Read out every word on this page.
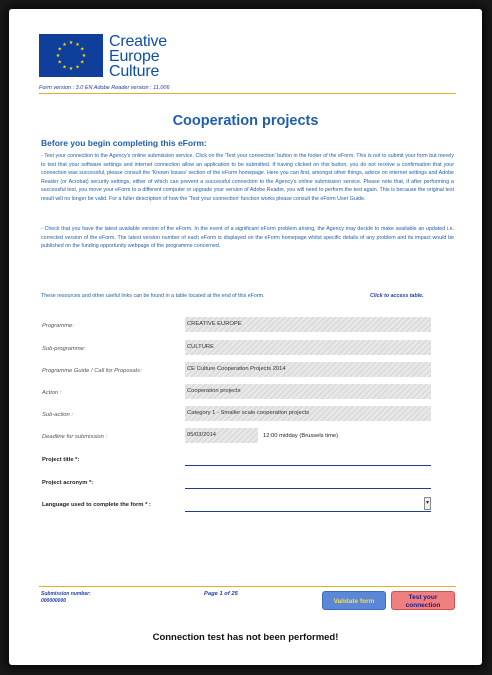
★ ★
★
★
★
★
★
★
★
★
★
★	Creative
Europe
Culture
Form version : 3.0 EN Adobe Reader version : 11.006
Cooperation projects
Before you begin completing this eForm:
- Test your connection to the Agency's online submission service. Click on the 'Test your connection' button in the footer of the eForm. This is not to submit your form but merely to test that your software settings and internet connection allow an application to be submitted. If having clicked on this button, you do not receive a confirmation that your connection was successful, please consult the 'Known Issues' section of the eForm homepage. Here you can find, amongst other things, advice on internet settings and Adobe Reader (or Acrobat) security settings, either of which can prevent a successful connection to the Agency's online submission service. Please note that, if after performing a successful test, you move your eForm to a different computer or upgrade your version of Adobe Reader, you will need to perform the test again. This is because the original test result will no longer be valid. For a fuller description of how the 'Test your connection' function works please consult the eForm User Guide.
- Check that you have the latest available version of the eForm. In the event of a significant eForm problem arising, the Agency may decide to make available an updated i.e. corrected version of the eForm. The latest version number of each eForm is displayed on the eForm homepage whilst specific details of any problem and its impact would be published on the funding opportunity webpage of the programme concerned.
These resources and other useful links can be found in a table located at the end of this eForm.	Click to access table.
Programme:	CREATIVE EUROPE
Sub-programme:	CULTURE
Programme Guide / Call for Proposals:	CE Culture Cooperation Projects 2014
Action :	Cooperation projects
Sub-action :	Category 1 - Smaller scale cooperation projects
Deadline for submission :	05/03/2014	12:00 midday (Brussels time)
Project title *:
Project acronym *:
Language used to complete the form * :	▾
Submission number:
000000000
Page 1 of 25
Validate form
Test your
connection
Connection test has not been performed!
